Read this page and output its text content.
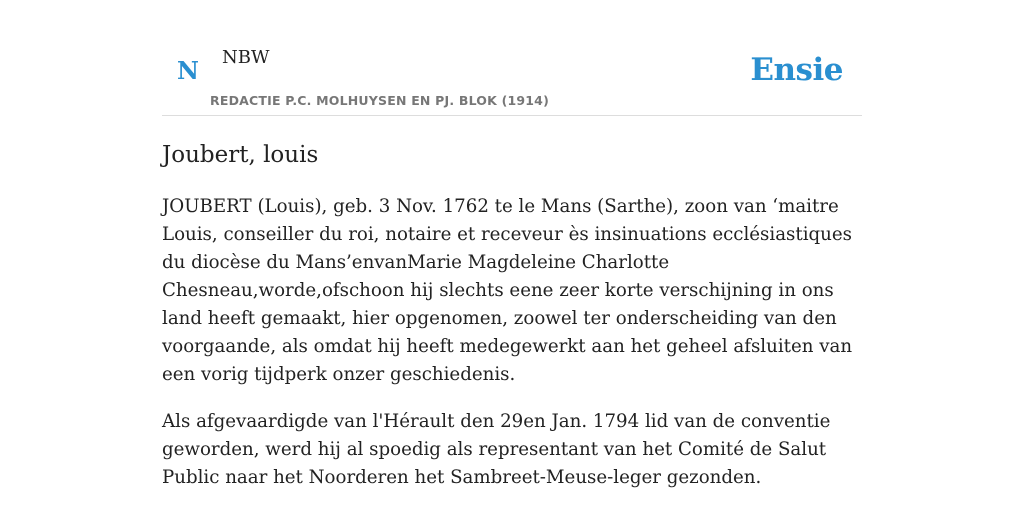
N NBW
REDACTIE P.C. MOLHUYSEN EN PJ. BLOK (1914)
Ensie
Joubert, louis

JOUBERT (Louis), geb. 3 Nov. 1762 te le Mans (Sarthe), zoon van ‘maitre Louis, conseiller du roi, notaire et receveur ès insinuations ecclésiastiques du diocèse du Mans’envanMarie Magdeleine Charlotte Chesneau,worde,ofschoon hij slechts eene zeer korte verschijning in ons land heeft gemaakt, hier opgenomen, zoowel ter onderscheiding van den voorgaande, als omdat hij heeft medegewerkt aan het geheel afsluiten van een vorig tijdperk onzer geschiedenis.

Als afgevaardigde van l'Hérault den 29en Jan. 1794 lid van de conventie geworden, werd hij al spoedig als representant van het Comité de Salut Public naar het Noorderen het Sambreet-Meuse-leger gezonden.
